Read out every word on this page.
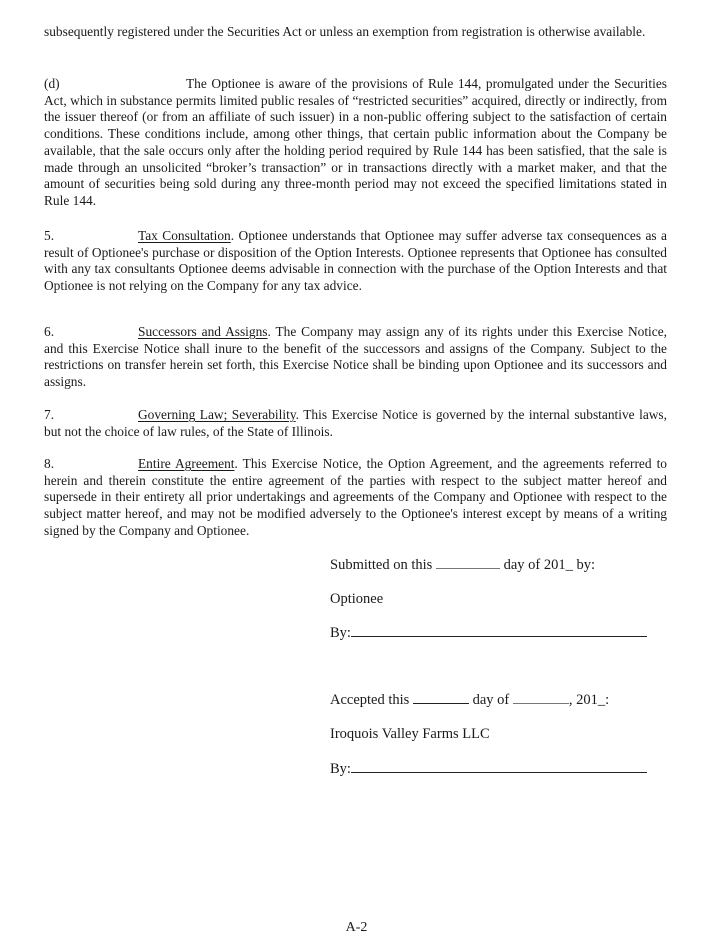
subsequently registered under the Securities Act or unless an exemption from registration is otherwise available.
(d)	The Optionee is aware of the provisions of Rule 144, promulgated under the Securities Act, which in substance permits limited public resales of “restricted securities” acquired, directly or indirectly, from the issuer thereof (or from an affiliate of such issuer) in a non-public offering subject to the satisfaction of certain conditions. These conditions include, among other things, that certain public information about the Company be available, that the sale occurs only after the holding period required by Rule 144 has been satisfied, that the sale is made through an unsolicited “broker’s transaction” or in transactions directly with a market maker, and that the amount of securities being sold during any three-month period may not exceed the specified limitations stated in Rule 144.
5.	Tax Consultation. Optionee understands that Optionee may suffer adverse tax consequences as a result of Optionee's purchase or disposition of the Option Interests. Optionee represents that Optionee has consulted with any tax consultants Optionee deems advisable in connection with the purchase of the Option Interests and that Optionee is not relying on the Company for any tax advice.
6.	Successors and Assigns. The Company may assign any of its rights under this Exercise Notice, and this Exercise Notice shall inure to the benefit of the successors and assigns of the Company. Subject to the restrictions on transfer herein set forth, this Exercise Notice shall be binding upon Optionee and its successors and assigns.
7.	Governing Law; Severability. This Exercise Notice is governed by the internal substantive laws, but not the choice of law rules, of the State of Illinois.
8.	Entire Agreement. This Exercise Notice, the Option Agreement, and the agreements referred to herein and therein constitute the entire agreement of the parties with respect to the subject matter hereof and supersede in their entirety all prior undertakings and agreements of the Company and Optionee with respect to the subject matter hereof, and may not be modified adversely to the Optionee's interest except by means of a writing signed by the Company and Optionee.
Submitted on this	day of 201_ by:
Optionee
By:
Accepted this	day of	, 201_:
Iroquois Valley Farms LLC
By:
A-2
